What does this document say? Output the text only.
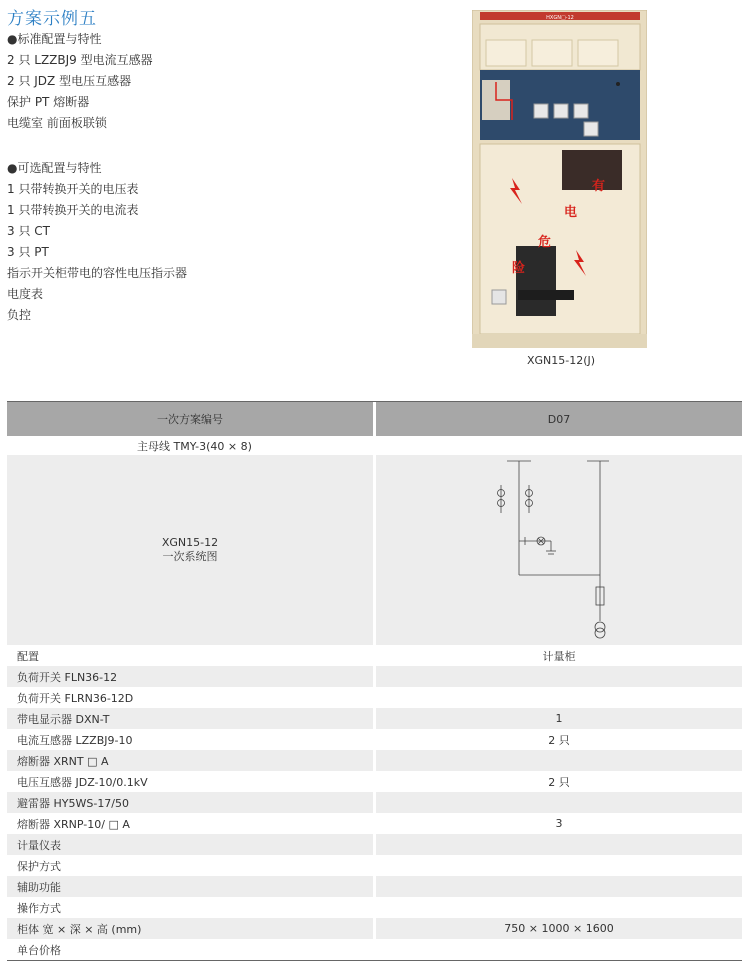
方案示例五
●标准配置与特性
2 只 LZZBJ9 型电流互感器
2 只 JDZ 型电压互感器
保护 PT 熔断器
电缆室 前面板联锁
●可选配置与特性
1 只带转换开关的电压表
1 只带转换开关的电流表
3 只 CT
3 只 PT
指示开关柜带电的容性电压指示器
电度表
负控
HXGN□-12
有
电
危
险
XGN15-12(J)
一次方案编号	D07
主母线 TMY-3(40 × 8)
XGN15-12
一次系统图
配置	计量柜
负荷开关 FLN36-12
负荷开关 FLRN36-12D
带电显示器 DXN-T	1
电流互感器 LZZBJ9-10	2 只
熔断器 XRNT □ A
电压互感器 JDZ-10/0.1kV	2 只
避雷器 HY5WS-17/50
熔断器 XRNP-10/ □ A	3
计量仪表
保护方式
辅助功能
操作方式
柜体 宽 × 深 × 高 (mm)	750 × 1000 × 1600
单台价格
